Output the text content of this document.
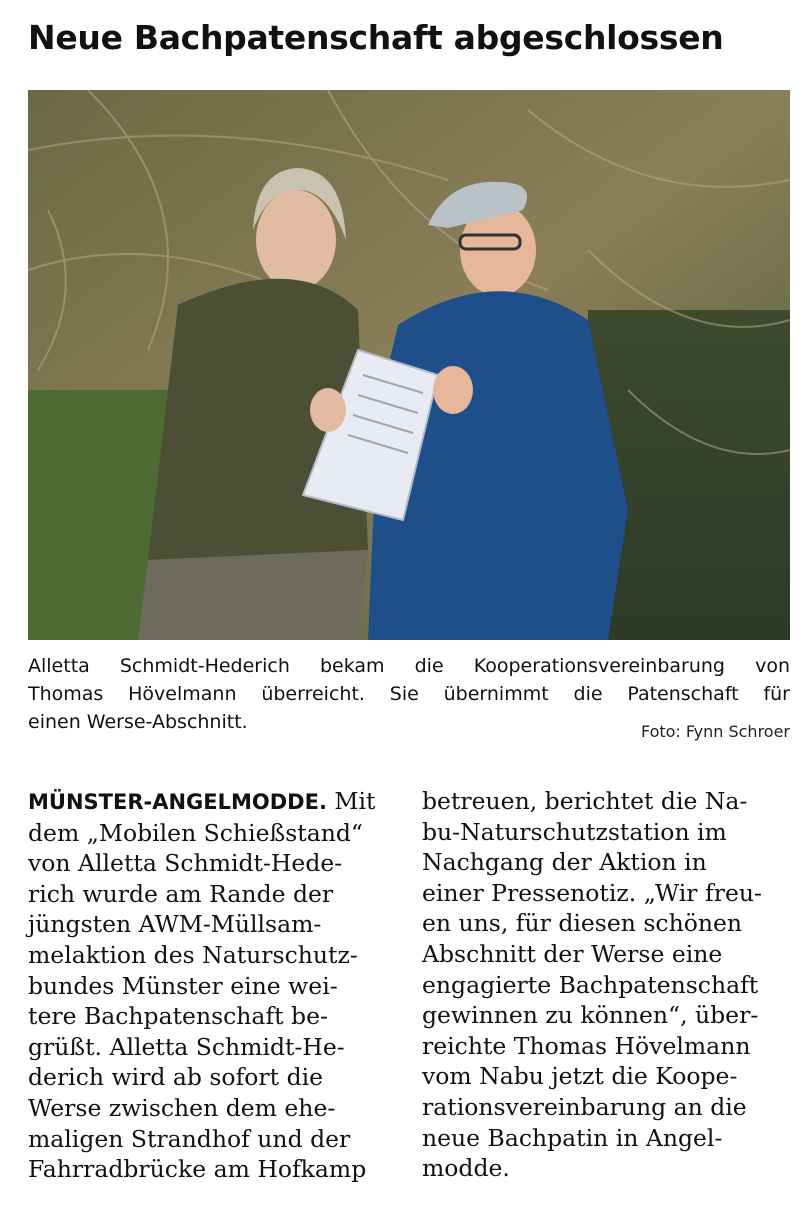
Neue Bachpatenschaft abgeschlossen
Alletta Schmidt-Hederich bekam die Kooperationsvereinbarung von
Thomas Hövelmann überreicht. Sie übernimmt die Patenschaft für
einen Werse-Abschnitt.	Foto: Fynn Schroer
MÜNSTER-ANGELMODDE. Mit
dem „Mobilen Schießstand“
von Alletta Schmidt-Hede-
rich wurde am Rande der
jüngsten AWM-Müllsam-
melaktion des Naturschutz-
bundes Münster eine wei-
tere Bachpatenschaft be-
grüßt. Alletta Schmidt-He-
derich wird ab sofort die
Werse zwischen dem ehe-
maligen Strandhof und der
Fahrradbrücke am Hofkamp
betreuen, berichtet die Na-
bu-Naturschutzstation im
Nachgang der Aktion in
einer Pressenotiz. „Wir freu-
en uns, für diesen schönen
Abschnitt der Werse eine
engagierte Bachpatenschaft
gewinnen zu können“, über-
reichte Thomas Hövelmann
vom Nabu jetzt die Koope-
rationsvereinbarung an die
neue Bachpatin in Angel-
modde.
